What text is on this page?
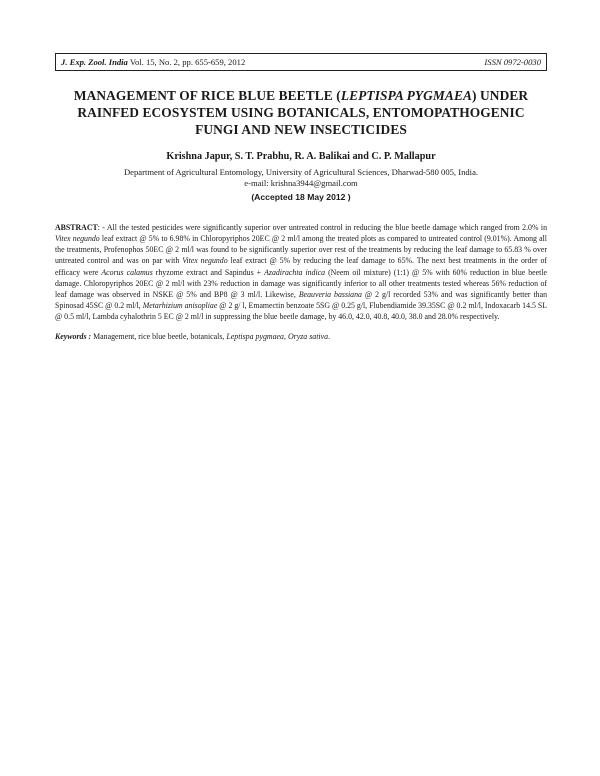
J. Exp. Zool. India Vol. 15, No. 2, pp. 655-659, 2012	ISSN 0972-0030
MANAGEMENT OF RICE BLUE BEETLE (LEPTISPA PYGMAEA) UNDER RAINFED ECOSYSTEM USING BOTANICALS, ENTOMOPATHOGENIC FUNGI AND NEW INSECTICIDES
Krishna Japur, S. T. Prabhu, R. A. Balikai and C. P. Mallapur
Department of Agricultural Entomology, University of Agricultural Sciences, Dharwad-580 005, India.
e-mail: krishna3944@gmail.com
(Accepted 18 May 2012 )
ABSTRACT: - All the tested pesticides were significantly superior over untreated control in reducing the blue beetle damage which ranged from 2.0% in Vitex negundo leaf extract @ 5% to 6.98% in Chloropyriphos 20EC @ 2 ml/l among the treated plots as compared to untreated control (9.01%). Among all the treatments, Profenophos 50EC @ 2 ml/l was found to be significantly superior over rest of the treatments by reducing the leaf damage to 65.83 % over untreated control and was on par with Vitex negundo leaf extract @ 5% by reducing the leaf damage to 65%. The next best treatments in the order of efficacy were Acorus calamus rhyzome extract and Sapindus + Azadirachta indica (Neem oil mixture) (1:1) @ 5% with 60% reduction in blue beetle damage. Chloropyriphos 20EC @ 2 ml/l with 23% reduction in damage was significantly inferior to all other treatments tested whereas 56% reduction of leaf damage was observed in NSKE @ 5% and BP8 @ 3 ml/l. Likewise, Beauveria bassiana @ 2 g/l recorded 53% and was significantly better than Spinosad 45SC @ 0.2 ml/l, Metarhizium anisopliae @ 2 g/ l, Emamectin benzoate 5SG @ 0.25 g/l, Flubendiamide 39.35SC @ 0.2 ml/l, Indoxacarb 14.5 SL @ 0.5 ml/l, Lambda cyhalothrin 5 EC @ 2 ml/l in suppressing the blue beetle damage, by 46.0, 42.0, 40.8, 40.0, 38.0 and 28.0% respectively.
Keywords : Management, rice blue beetle, botanicals, Leptispa pygmaea, Oryza sativa.
